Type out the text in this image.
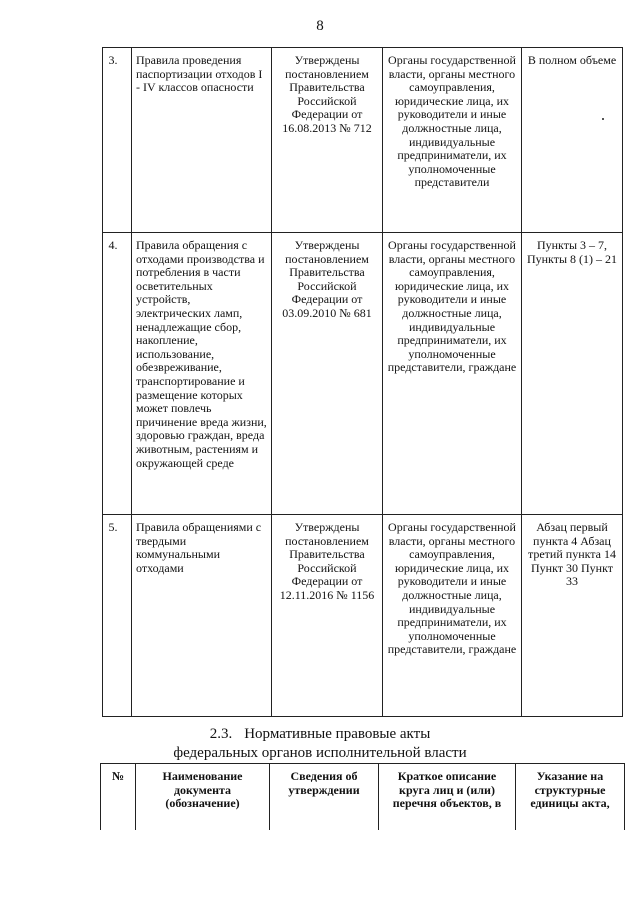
8
3.	Правила проведения паспортизации отходов I - IV классов опасности	Утверждены постановлением Правительства Российской Федерации от 16.08.2013 № 712	Органы государственной власти, органы местного самоуправления, юридические лица, их руководители и иные должностные лица, индивидуальные предприниматели, их уполномоченные представители	В полном объеме
4.	Правила обращения с отходами производства и потребления в части осветительных устройств, электрических ламп, ненадлежащие сбор, накопление, использование, обезвреживание, транспортирование и размещение которых может повлечь причинение вреда жизни, здоровью граждан, вреда животным, растениям и окружающей среде	Утверждены постановлением Правительства Российской Федерации от 03.09.2010 № 681	Органы государственной власти, органы местного самоуправления, юридические лица, их руководители и иные должностные лица, индивидуальные предприниматели, их уполномоченные представители, граждане	Пункты 3 – 7, Пункты 8 (1) – 21
5.	Правила обращениями с твердыми коммунальными отходами	Утверждены постановлением Правительства Российской Федерации от 12.11.2016 № 1156	Органы государственной власти, органы местного самоуправления, юридические лица, их руководители и иные должностные лица, индивидуальные предприниматели, их уполномоченные представители, граждане	Абзац первый пункта 4 Абзац третий пункта 14 Пункт 30 Пункт 33
2.3. Нормативные правовые акты
федеральных органов исполнительной власти
№	Наименование документа (обозначение)	Сведения об утверждении	Краткое описание круга лиц и (или) перечня объектов, в	Указание на структурные единицы акта,
